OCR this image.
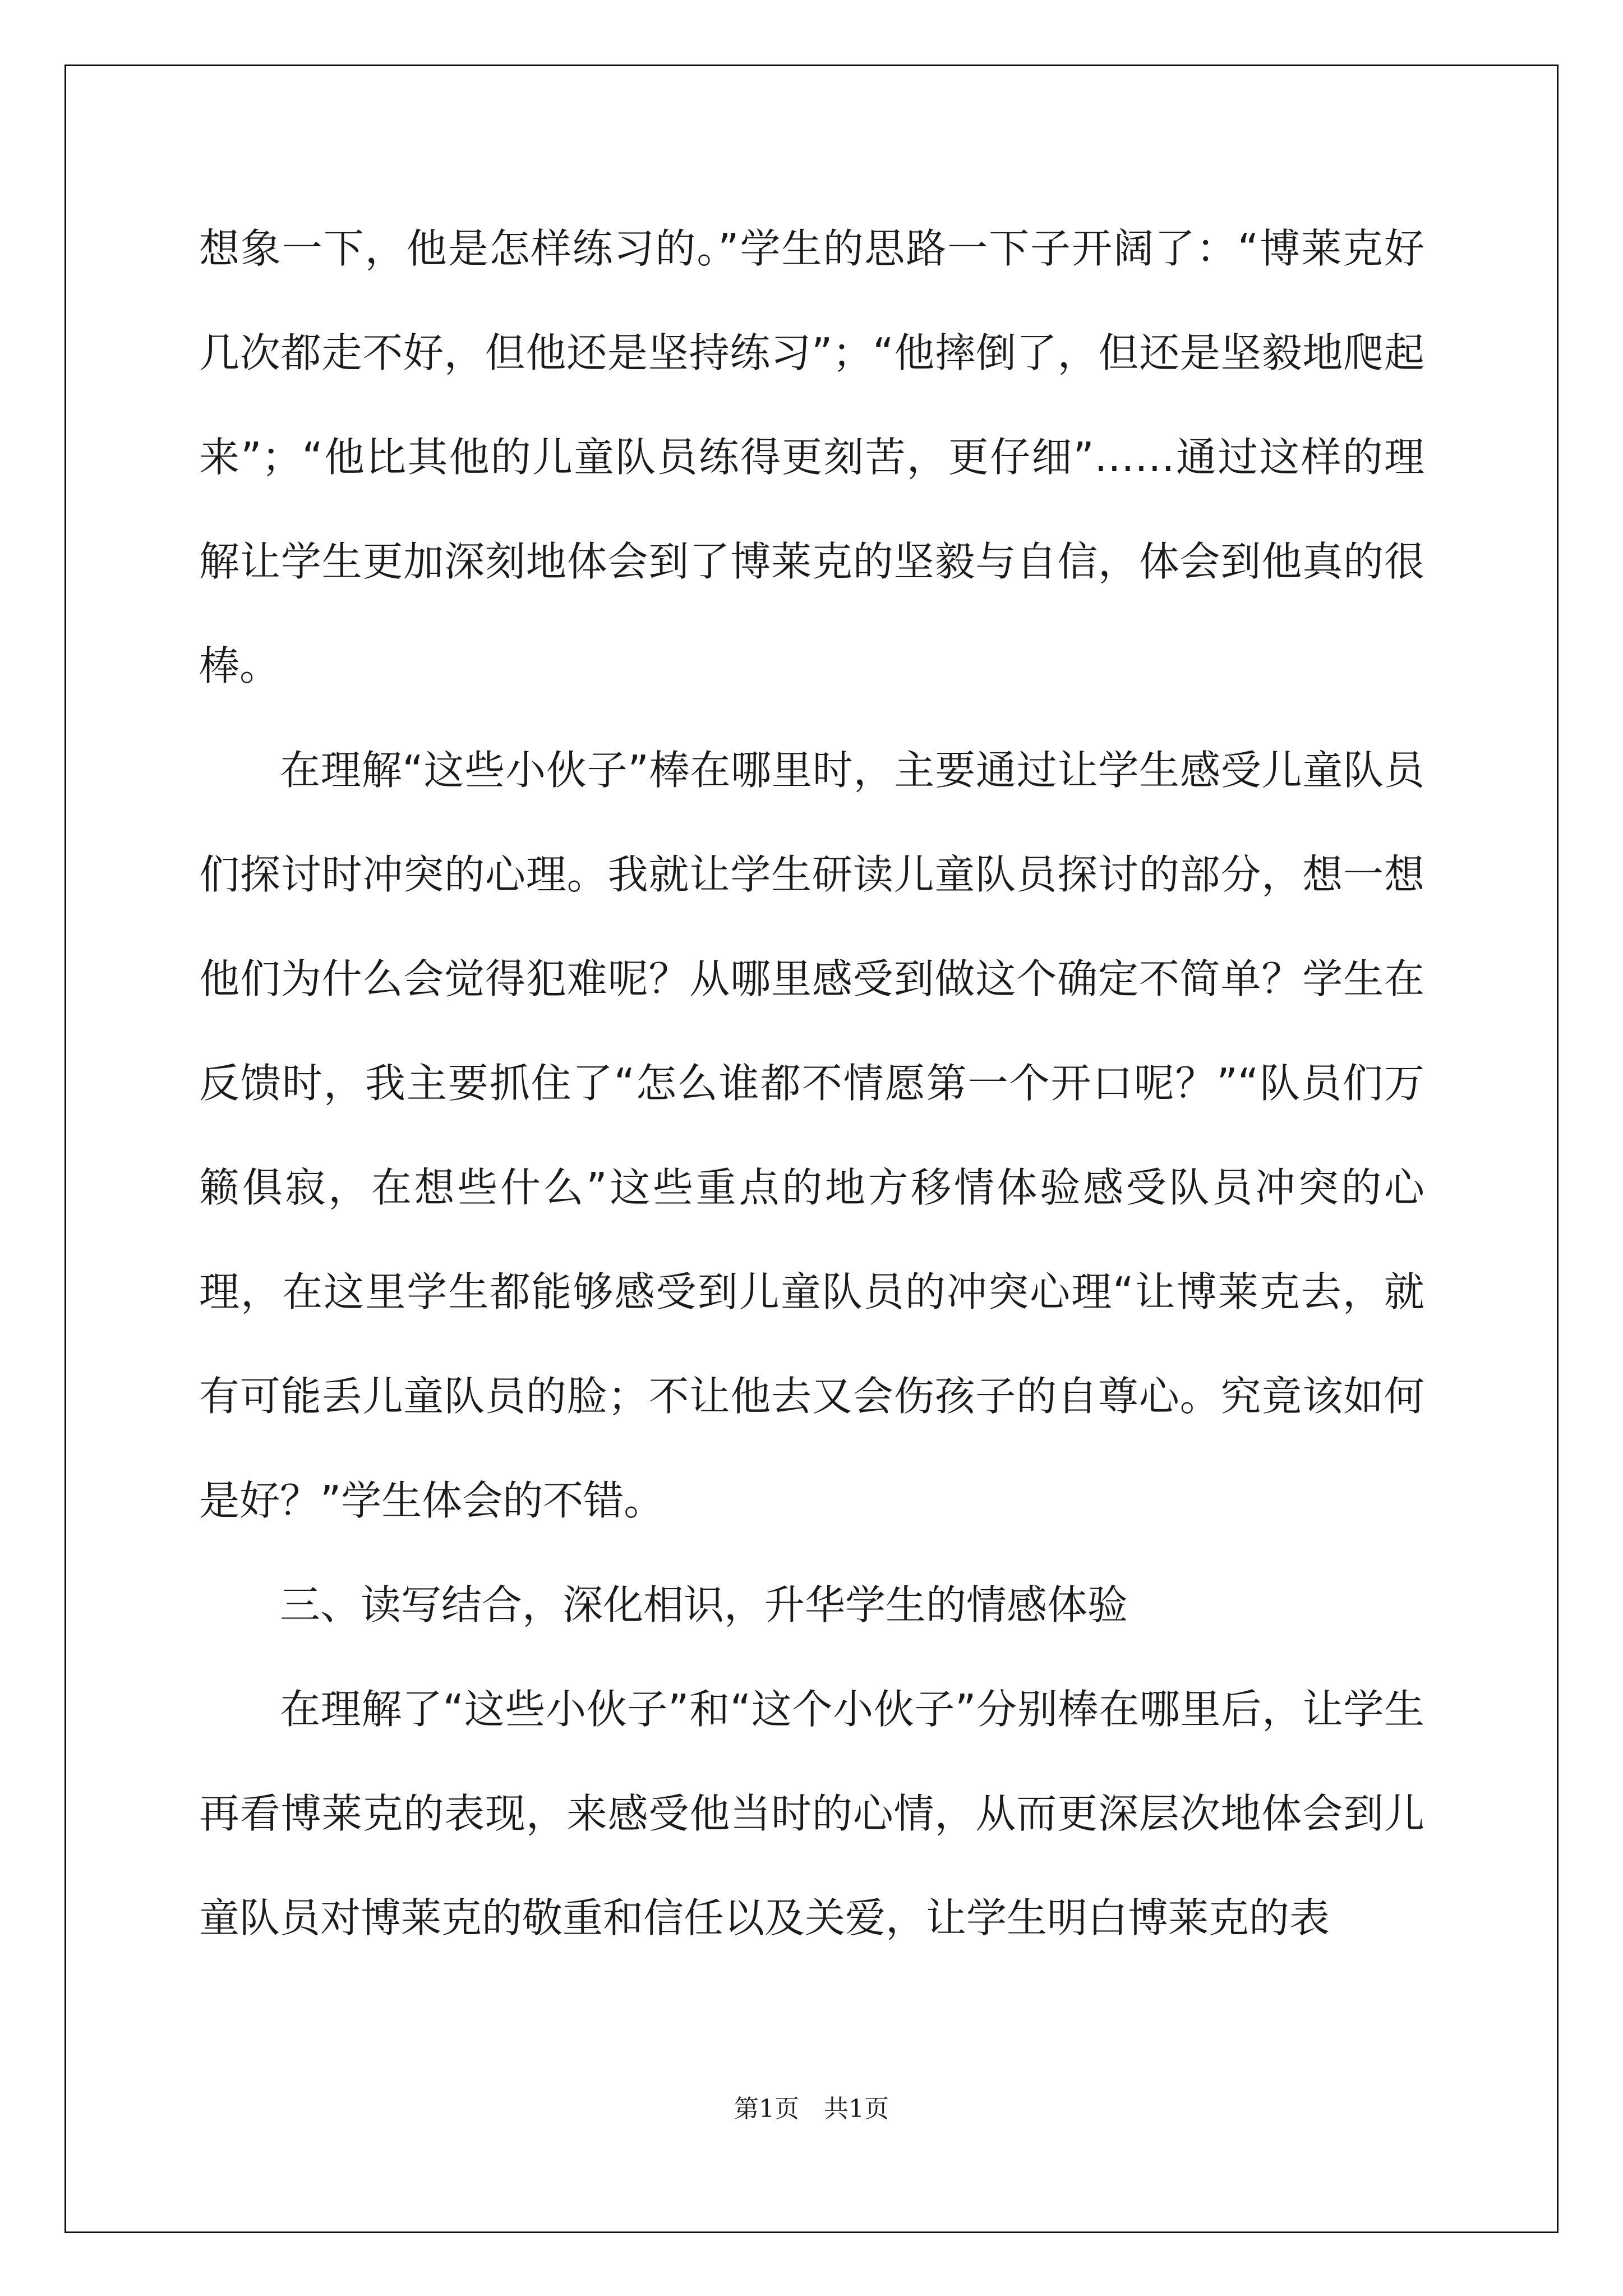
想象一下，他是怎样练习的。”学生的思路一下子开阔了：“博莱克好几次都走不好，但他还是坚持练习”；“他摔倒了，但还是坚毅地爬起来”；“他比其他的儿童队员练得更刻苦，更仔细”……通过这样的理解让学生更加深刻地体会到了博莱克的坚毅与自信，体会到他真的很棒。

在理解“这些小伙子”棒在哪里时，主要通过让学生感受儿童队员们探讨时冲突的心理。我就让学生研读儿童队员探讨的部分，想一想他们为什么会觉得犯难呢？从哪里感受到做这个确定不简单？学生在反馈时，我主要抓住了“怎么谁都不情愿第一个开口呢？”“队员们万籁俱寂，在想些什么”这些重点的地方移情体验感受队员冲突的心理，在这里学生都能够感受到儿童队员的冲突心理“让博莱克去，就有可能丢儿童队员的脸；不让他去又会伤孩子的自尊心。究竟该如何是好？”学生体会的不错。

三、读写结合，深化相识，升华学生的情感体验

在理解了“这些小伙子”和“这个小伙子”分别棒在哪里后，让学生再看博莱克的表现，来感受他当时的心情，从而更深层次地体会到儿童队员对博莱克的敬重和信任以及关爱，让学生明白博莱克的表

第1页　共1页
